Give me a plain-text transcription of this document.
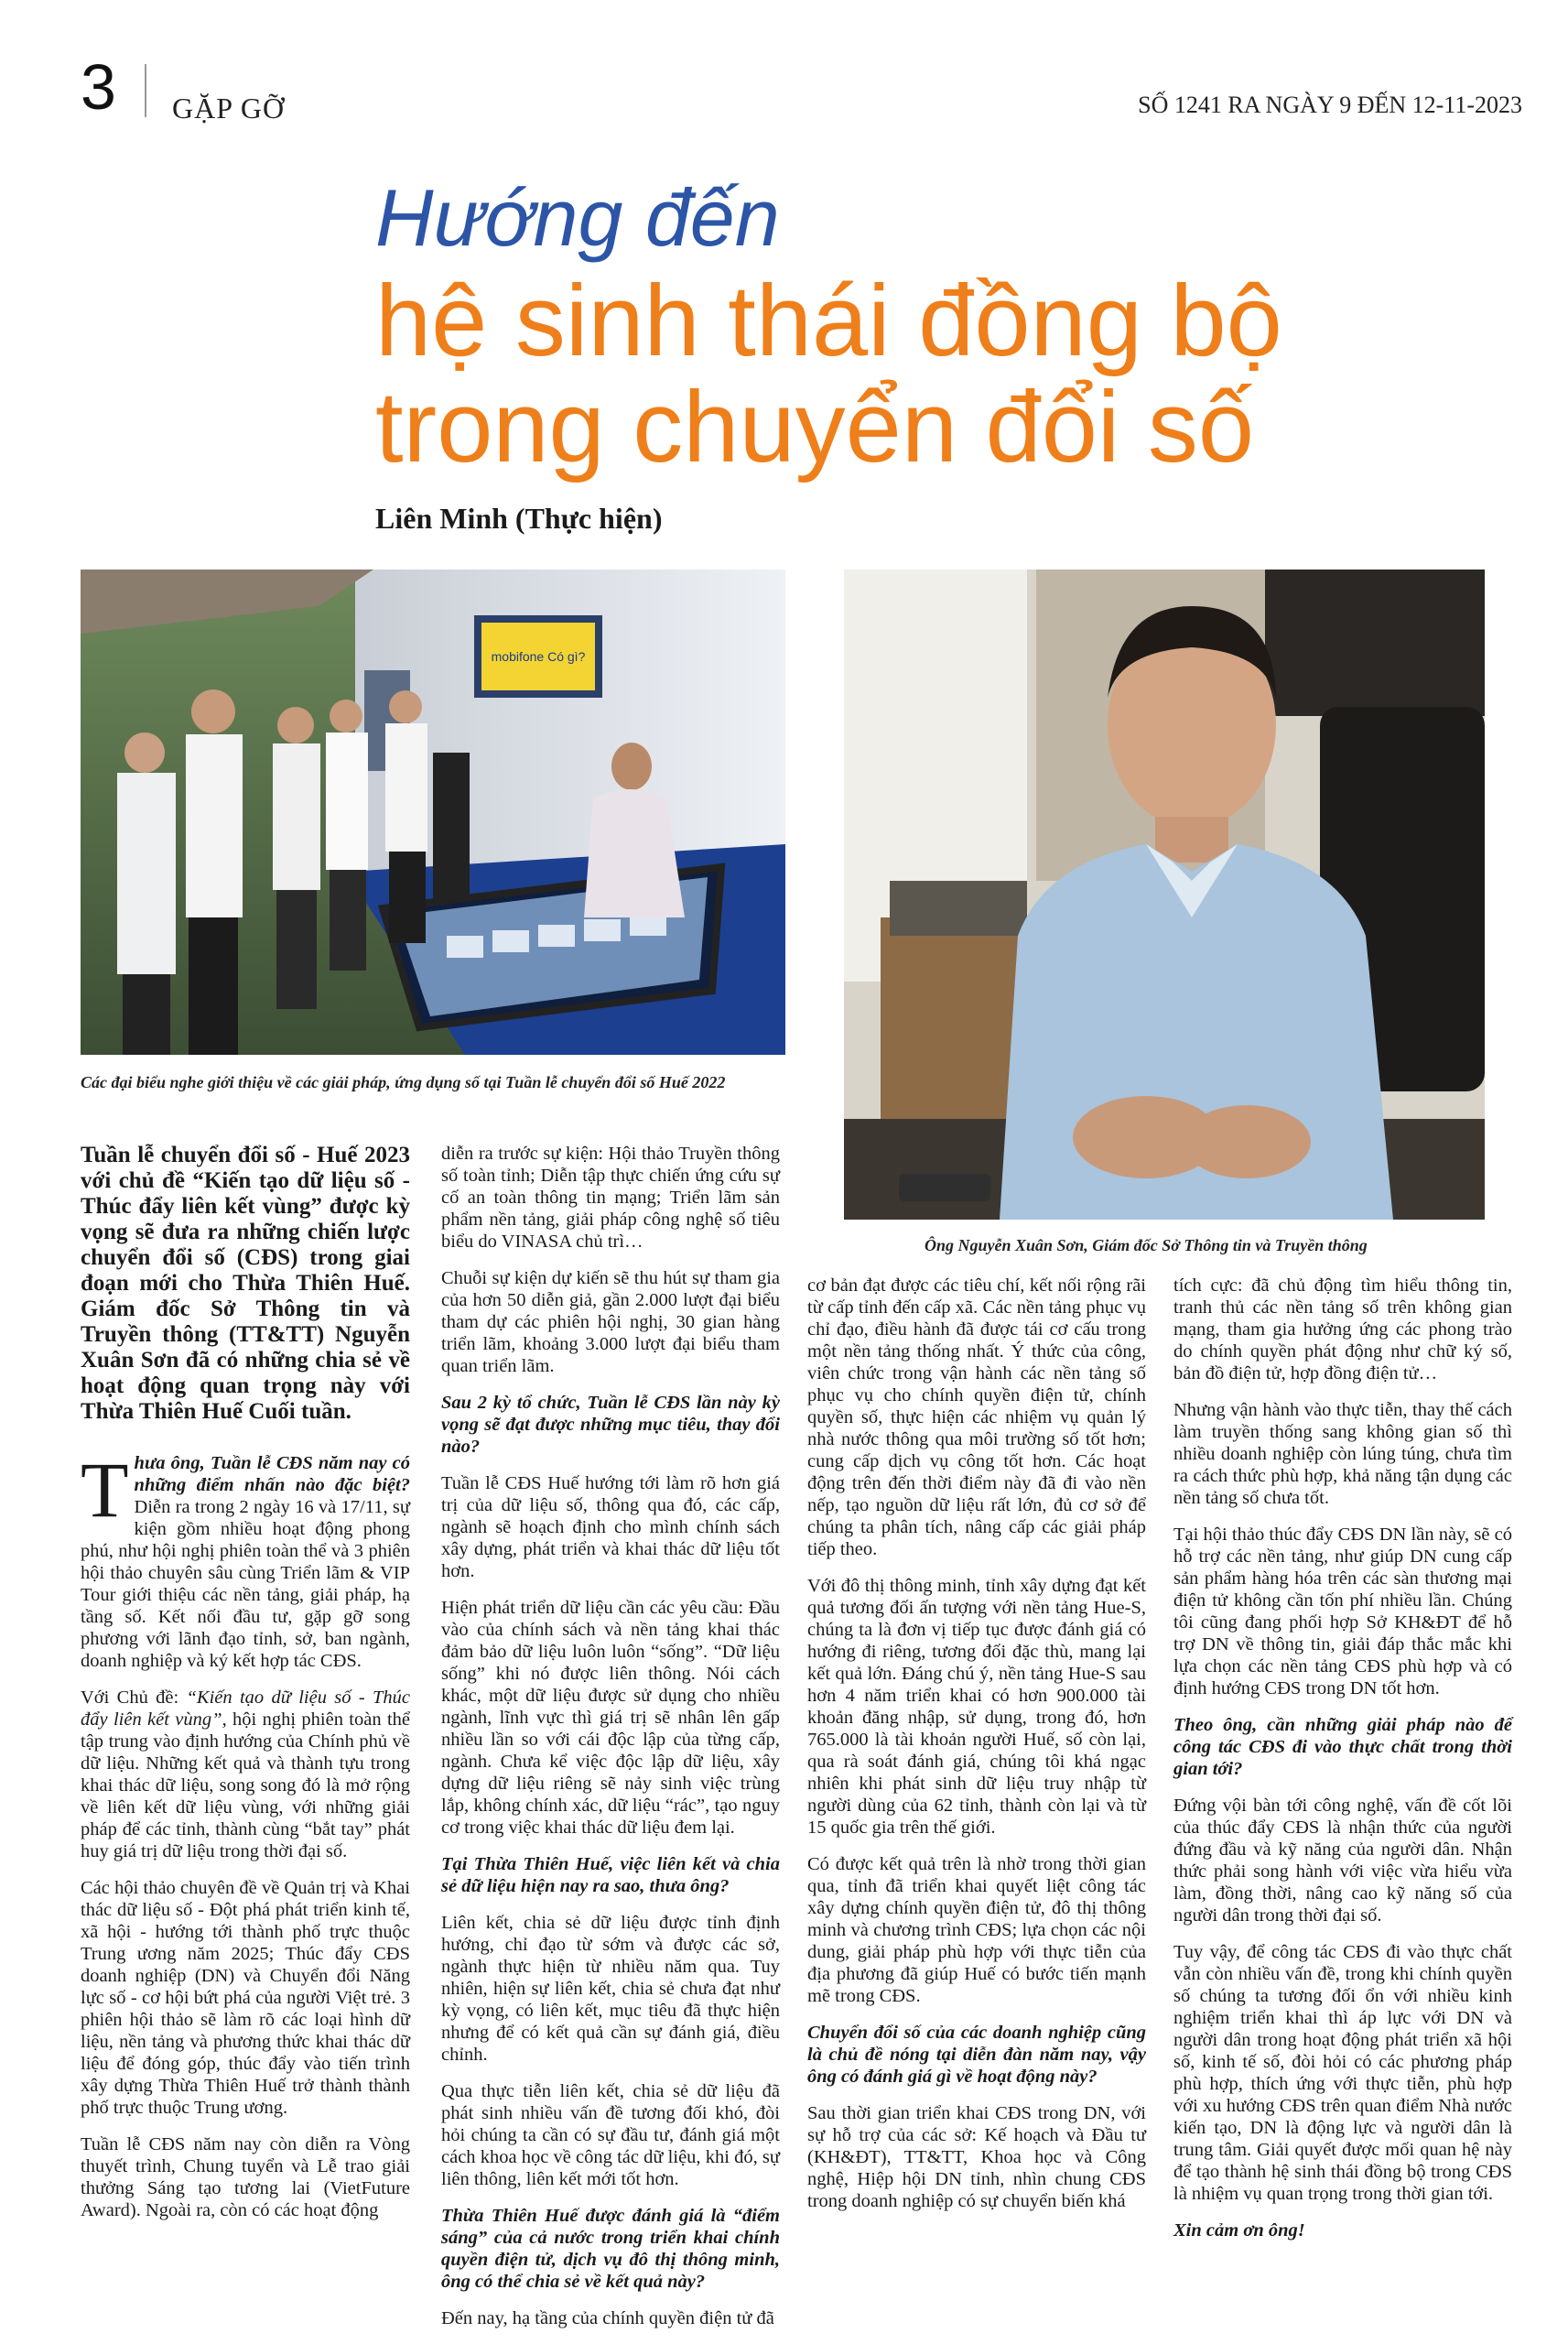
3 GẶP GỠ	SỐ 1241 RA NGÀY 9 ĐẾN 12-11-2023
Hướng đến
hệ sinh thái đồng bộ
trong chuyển đổi số
Liên Minh (Thực hiện)
mobifone Có gì?
Các đại biểu nghe giới thiệu về các giải pháp, ứng dụng số tại Tuần lễ chuyển đổi số Huế 2022
Ông Nguyễn Xuân Sơn, Giám đốc Sở Thông tin và Truyền thông

Tuần lễ chuyển đổi số - Huế 2023 với chủ đề “Kiến tạo dữ liệu số - Thúc đẩy liên kết vùng” được kỳ vọng sẽ đưa ra những chiến lược chuyển đổi số (CĐS) trong giai đoạn mới cho Thừa Thiên Huế. Giám đốc Sở Thông tin và Truyền thông (TT&TT) Nguyễn Xuân Sơn đã có những chia sẻ về hoạt động quan trọng này với Thừa Thiên Huế Cuối tuần.

Thưa ông, Tuần lễ CĐS năm nay có những điểm nhấn nào đặc biệt? Diễn ra trong 2 ngày 16 và 17/11, sự kiện gồm nhiều hoạt động phong phú, như hội nghị phiên toàn thể và 3 phiên hội thảo chuyên sâu cùng Triển lãm & VIP Tour giới thiệu các nền tảng, giải pháp, hạ tầng số. Kết nối đầu tư, gặp gỡ song phương với lãnh đạo tỉnh, sở, ban ngành, doanh nghiệp và ký kết hợp tác CĐS.

Với Chủ đề: “Kiến tạo dữ liệu số - Thúc đẩy liên kết vùng”, hội nghị phiên toàn thể tập trung vào định hướng của Chính phủ về dữ liệu. Những kết quả và thành tựu trong khai thác dữ liệu, song song đó là mở rộng về liên kết dữ liệu vùng, với những giải pháp để các tỉnh, thành cùng “bắt tay” phát huy giá trị dữ liệu trong thời đại số.

Các hội thảo chuyên đề về Quản trị và Khai thác dữ liệu số - Đột phá phát triển kinh tế, xã hội - hướng tới thành phố trực thuộc Trung ương năm 2025; Thúc đẩy CĐS doanh nghiệp (DN) và Chuyển đổi Năng lực số - cơ hội bứt phá của người Việt trẻ. 3 phiên hội thảo sẽ làm rõ các loại hình dữ liệu, nền tảng và phương thức khai thác dữ liệu để đóng góp, thúc đẩy vào tiến trình xây dựng Thừa Thiên Huế trở thành thành phố trực thuộc Trung ương.

Tuần lễ CĐS năm nay còn diễn ra Vòng thuyết trình, Chung tuyển và Lễ trao giải thưởng Sáng tạo tương lai (VietFuture Award). Ngoài ra, còn có các hoạt động

diễn ra trước sự kiện: Hội thảo Truyền thông số toàn tỉnh; Diễn tập thực chiến ứng cứu sự cố an toàn thông tin mạng; Triển lãm sản phẩm nền tảng, giải pháp công nghệ số tiêu biểu do VINASA chủ trì…

Chuỗi sự kiện dự kiến sẽ thu hút sự tham gia của hơn 50 diễn giả, gần 2.000 lượt đại biểu tham dự các phiên hội nghị, 30 gian hàng triển lãm, khoảng 3.000 lượt đại biểu tham quan triển lãm.

Sau 2 kỳ tổ chức, Tuần lễ CĐS lần này kỳ vọng sẽ đạt được những mục tiêu, thay đổi nào?

Tuần lễ CĐS Huế hướng tới làm rõ hơn giá trị của dữ liệu số, thông qua đó, các cấp, ngành sẽ hoạch định cho mình chính sách xây dựng, phát triển và khai thác dữ liệu tốt hơn.

Hiện phát triển dữ liệu cần các yêu cầu: Đầu vào của chính sách và nền tảng khai thác đảm bảo dữ liệu luôn luôn “sống”. “Dữ liệu sống” khi nó được liên thông. Nói cách khác, một dữ liệu được sử dụng cho nhiều ngành, lĩnh vực thì giá trị sẽ nhân lên gấp nhiều lần so với cái độc lập của từng cấp, ngành. Chưa kể việc độc lập dữ liệu, xây dựng dữ liệu riêng sẽ nảy sinh việc trùng lắp, không chính xác, dữ liệu “rác”, tạo nguy cơ trong việc khai thác dữ liệu đem lại.

Tại Thừa Thiên Huế, việc liên kết và chia sẻ dữ liệu hiện nay ra sao, thưa ông?

Liên kết, chia sẻ dữ liệu được tỉnh định hướng, chỉ đạo từ sớm và được các sở, ngành thực hiện từ nhiều năm qua. Tuy nhiên, hiện sự liên kết, chia sẻ chưa đạt như kỳ vọng, có liên kết, mục tiêu đã thực hiện nhưng để có kết quả cần sự đánh giá, điều chỉnh.

Qua thực tiễn liên kết, chia sẻ dữ liệu đã phát sinh nhiều vấn đề tương đối khó, đòi hỏi chúng ta cần có sự đầu tư, đánh giá một cách khoa học về công tác dữ liệu, khi đó, sự liên thông, liên kết mới tốt hơn.

Thừa Thiên Huế được đánh giá là “điểm sáng” của cả nước trong triển khai chính quyền điện tử, dịch vụ đô thị thông minh, ông có thể chia sẻ về kết quả này?

Đến nay, hạ tầng của chính quyền điện tử đã

cơ bản đạt được các tiêu chí, kết nối rộng rãi từ cấp tỉnh đến cấp xã. Các nền tảng phục vụ chỉ đạo, điều hành đã được tái cơ cấu trong một nền tảng thống nhất. Ý thức của công, viên chức trong vận hành các nền tảng số phục vụ cho chính quyền điện tử, chính quyền số, thực hiện các nhiệm vụ quản lý nhà nước thông qua môi trường số tốt hơn; cung cấp dịch vụ công tốt hơn. Các hoạt động trên đến thời điểm này đã đi vào nền nếp, tạo nguồn dữ liệu rất lớn, đủ cơ sở để chúng ta phân tích, nâng cấp các giải pháp tiếp theo.

Với đô thị thông minh, tỉnh xây dựng đạt kết quả tương đối ấn tượng với nền tảng Hue-S, chúng ta là đơn vị tiếp tục được đánh giá có hướng đi riêng, tương đối đặc thù, mang lại kết quả lớn. Đáng chú ý, nền tảng Hue-S sau hơn 4 năm triển khai có hơn 900.000 tài khoản đăng nhập, sử dụng, trong đó, hơn 765.000 là tài khoản người Huế, số còn lại, qua rà soát đánh giá, chúng tôi khá ngạc nhiên khi phát sinh dữ liệu truy nhập từ người dùng của 62 tỉnh, thành còn lại và từ 15 quốc gia trên thế giới.

Có được kết quả trên là nhờ trong thời gian qua, tỉnh đã triển khai quyết liệt công tác xây dựng chính quyền điện tử, đô thị thông minh và chương trình CĐS; lựa chọn các nội dung, giải pháp phù hợp với thực tiễn của địa phương đã giúp Huế có bước tiến mạnh mẽ trong CĐS.

Chuyển đổi số của các doanh nghiệp cũng là chủ đề nóng tại diễn đàn năm nay, vậy ông có đánh giá gì về hoạt động này?

Sau thời gian triển khai CĐS trong DN, với sự hỗ trợ của các sở: Kế hoạch và Đầu tư (KH&ĐT), TT&TT, Khoa học và Công nghệ, Hiệp hội DN tỉnh, nhìn chung CĐS trong doanh nghiệp có sự chuyển biến khá

tích cực: đã chủ động tìm hiểu thông tin, tranh thủ các nền tảng số trên không gian mạng, tham gia hưởng ứng các phong trào do chính quyền phát động như chữ ký số, bản đồ điện tử, hợp đồng điện tử…

Nhưng vận hành vào thực tiễn, thay thế cách làm truyền thống sang không gian số thì nhiều doanh nghiệp còn lúng túng, chưa tìm ra cách thức phù hợp, khả năng tận dụng các nền tảng số chưa tốt.

Tại hội thảo thúc đẩy CĐS DN lần này, sẽ có hỗ trợ các nền tảng, như giúp DN cung cấp sản phẩm hàng hóa trên các sàn thương mại điện tử không cần tốn phí nhiều lần. Chúng tôi cũng đang phối hợp Sở KH&ĐT để hỗ trợ DN về thông tin, giải đáp thắc mắc khi lựa chọn các nền tảng CĐS phù hợp và có định hướng CĐS trong DN tốt hơn.

Theo ông, cần những giải pháp nào để công tác CĐS đi vào thực chất trong thời gian tới?

Đứng vội bàn tới công nghệ, vấn đề cốt lõi của thúc đẩy CĐS là nhận thức của người đứng đầu và kỹ năng của người dân. Nhận thức phải song hành với việc vừa hiểu vừa làm, đồng thời, nâng cao kỹ năng số của người dân trong thời đại số.

Tuy vậy, để công tác CĐS đi vào thực chất vẫn còn nhiều vấn đề, trong khi chính quyền số chúng ta tương đối ổn với nhiều kinh nghiệm triển khai thì áp lực với DN và người dân trong hoạt động phát triển xã hội số, kinh tế số, đòi hỏi có các phương pháp phù hợp, thích ứng với thực tiễn, phù hợp với xu hướng CĐS trên quan điểm Nhà nước kiến tạo, DN là động lực và người dân là trung tâm. Giải quyết được mối quan hệ này để tạo thành hệ sinh thái đồng bộ trong CĐS là nhiệm vụ quan trọng trong thời gian tới.

Xin cảm ơn ông!
